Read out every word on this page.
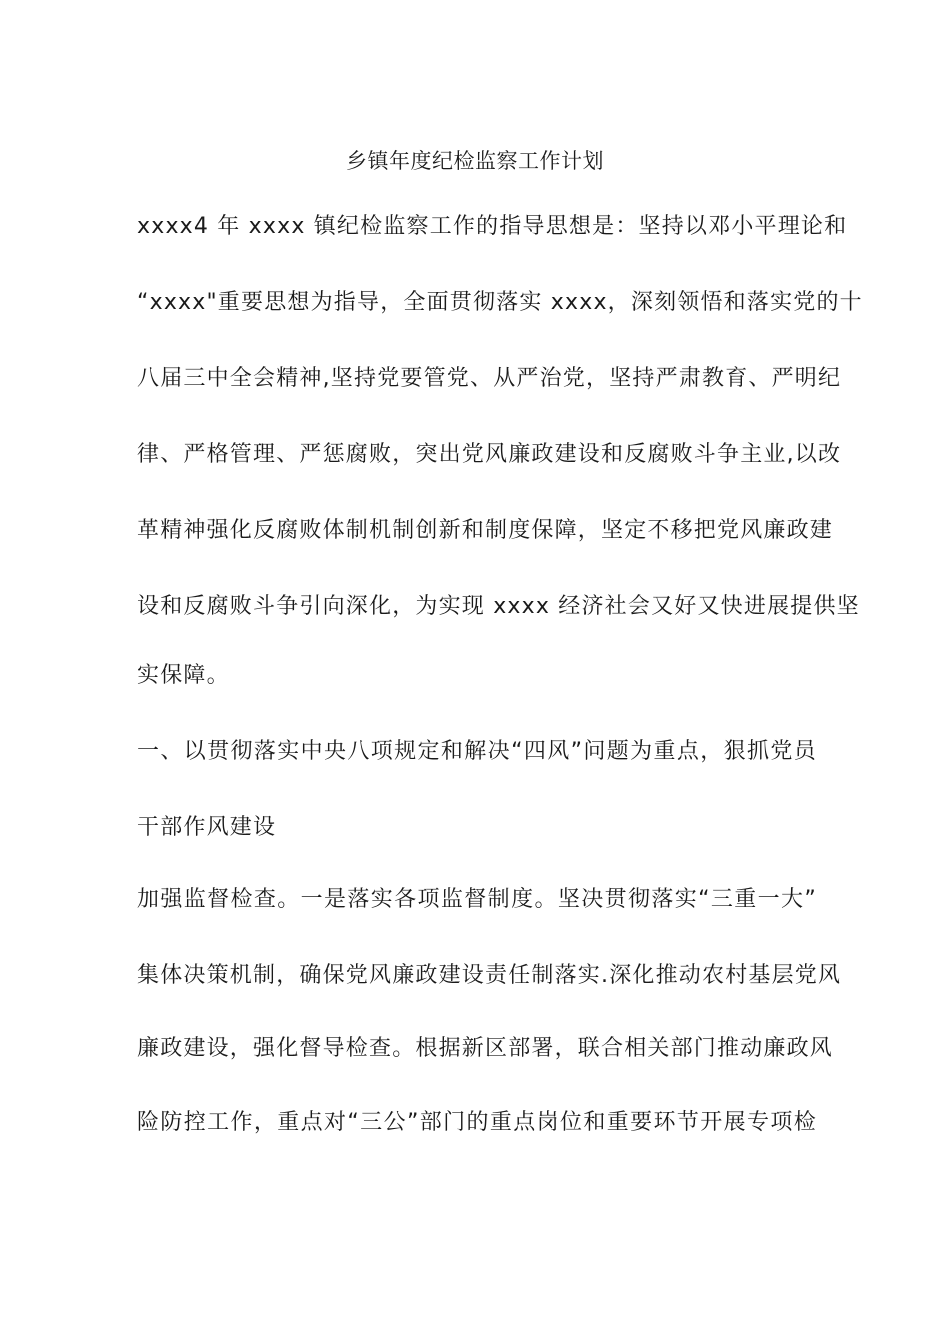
乡镇年度纪检监察工作计划
xxxx4 年 xxxx 镇纪检监察工作的指导思想是：坚持以邓小平理论和
“xxxx"重要思想为指导，全面贯彻落实 xxxx，深刻领悟和落实党的十
八届三中全会精神,坚持党要管党、从严治党，坚持严肃教育、严明纪
律、严格管理、严惩腐败，突出党风廉政建设和反腐败斗争主业,以改
革精神强化反腐败体制机制创新和制度保障，坚定不移把党风廉政建
设和反腐败斗争引向深化，为实现 xxxx 经济社会又好又快进展提供坚
实保障。
一、以贯彻落实中央八项规定和解决“四风”问题为重点，狠抓党员
干部作风建设
加强监督检查。一是落实各项监督制度。坚决贯彻落实“三重一大”
集体决策机制，确保党风廉政建设责任制落实.深化推动农村基层党风
廉政建设，强化督导检查。根据新区部署，联合相关部门推动廉政风
险防控工作，重点对“三公”部门的重点岗位和重要环节开展专项检
